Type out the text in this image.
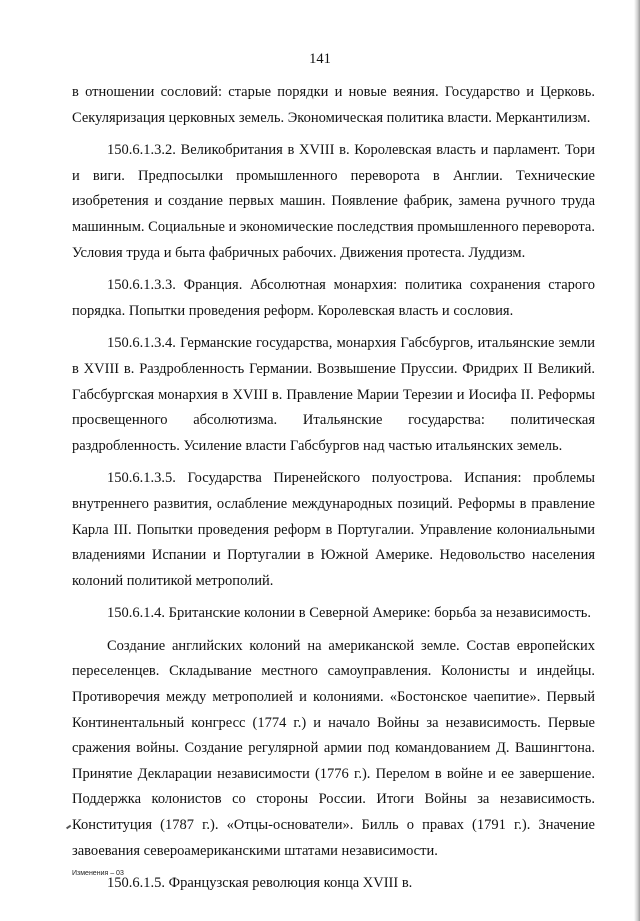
141

в отношении сословий: старые порядки и новые веяния. Государство и Церковь. Секуляризация церковных земель. Экономическая политика власти. Меркантилизм.

150.6.1.3.2. Великобритания в XVIII в. Королевская власть и парламент. Тори и виги. Предпосылки промышленного переворота в Англии. Технические изобретения и создание первых машин. Появление фабрик, замена ручного труда машинным. Социальные и экономические последствия промышленного переворота. Условия труда и быта фабричных рабочих. Движения протеста. Луддизм.

150.6.1.3.3. Франция. Абсолютная монархия: политика сохранения старого порядка. Попытки проведения реформ. Королевская власть и сословия.

150.6.1.3.4. Германские государства, монархия Габсбургов, итальянские земли в XVIII в. Раздробленность Германии. Возвышение Пруссии. Фридрих II Великий. Габсбургская монархия в XVIII в. Правление Марии Терезии и Иосифа II. Реформы просвещенного абсолютизма. Итальянские государства: политическая раздробленность. Усиление власти Габсбургов над частью итальянских земель.

150.6.1.3.5. Государства Пиренейского полуострова. Испания: проблемы внутреннего развития, ослабление международных позиций. Реформы в правление Карла III. Попытки проведения реформ в Португалии. Управление колониальными владениями Испании и Португалии в Южной Америке. Недовольство населения колоний политикой метрополий.

150.6.1.4. Британские колонии в Северной Америке: борьба за независимость.

Создание английских колоний на американской земле. Состав европейских переселенцев. Складывание местного самоуправления. Колонисты и индейцы. Противоречия между метрополией и колониями. «Бостонское чаепитие». Первый Континентальный конгресс (1774 г.) и начало Войны за независимость. Первые сражения войны. Создание регулярной армии под командованием Д. Вашингтона. Принятие Декларации независимости (1776 г.). Перелом в войне и ее завершение. Поддержка колонистов со стороны России. Итоги Войны за независимость. Конституция (1787 г.). «Отцы-основатели». Билль о правах (1791 г.). Значение завоевания североамериканскими штатами независимости.

150.6.1.5. Французская революция конца XVIII в.

Изменения – 03
